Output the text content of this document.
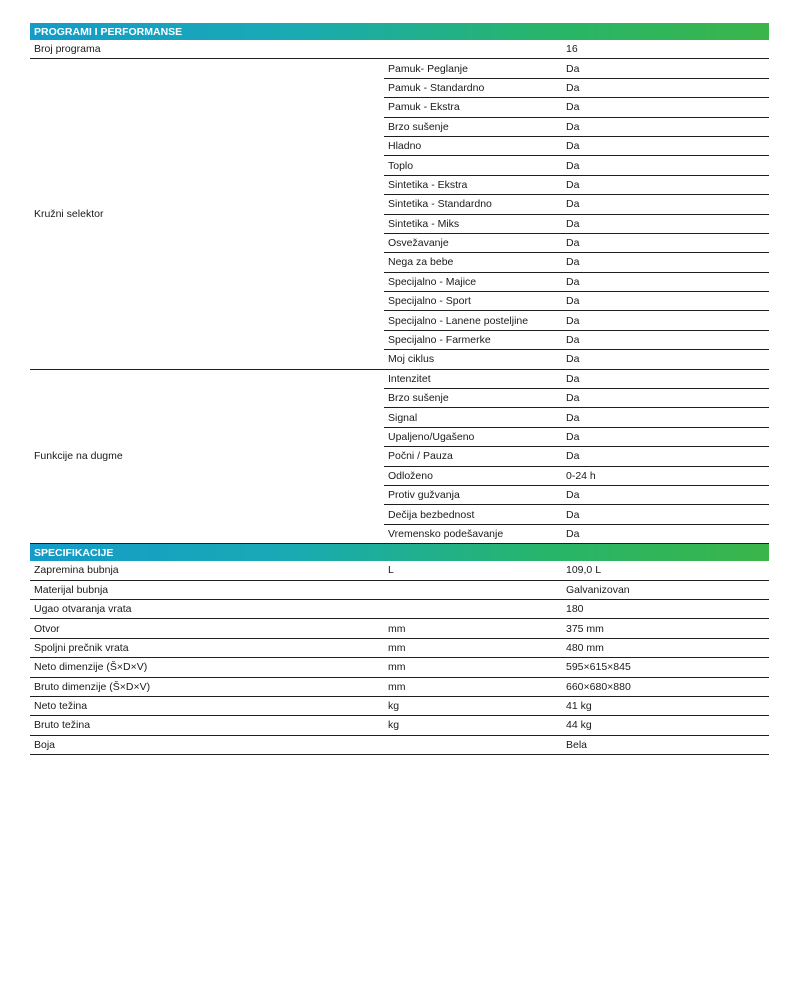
PROGRAMI I PERFORMANSE		
Broj programa		16
Kružni selektor	Pamuk- Peglanje	Da
	Pamuk - Standardno	Da
	Pamuk - Ekstra	Da
	Brzo sušenje	Da
	Hladno	Da
	Toplo	Da
	Sintetika - Ekstra	Da
	Sintetika - Standardno	Da
	Sintetika - Miks	Da
	Osvežavanje	Da
	Nega za bebe	Da
	Specijalno - Majice	Da
	Specijalno - Sport	Da
	Specijalno - Lanene posteljine	Da
	Specijalno - Farmerke	Da
	Moj ciklus	Da
Funkcije na dugme	Intenzitet	Da
	Brzo sušenje	Da
	Signal	Da
	Upaljeno/Ugašeno	Da
	Počni / Pauza	Da
	Odloženo	0-24 h
	Protiv gužvanja	Da
	Dečija bezbednost	Da
	Vremensko podešavanje	Da
SPECIFIKACIJE		
Zapremina bubnja	L	109,0 L
Materijal bubnja		Galvanizovan
Ugao otvaranja vrata		180
Otvor	mm	375 mm
Spoljni prečnik vrata	mm	480 mm
Neto dimenzije (Š×D×V)	mm	595×615×845
Bruto dimenzije (Š×D×V)	mm	660×680×880
Neto težina	kg	41 kg
Bruto težina	kg	44 kg
Boja		Bela
